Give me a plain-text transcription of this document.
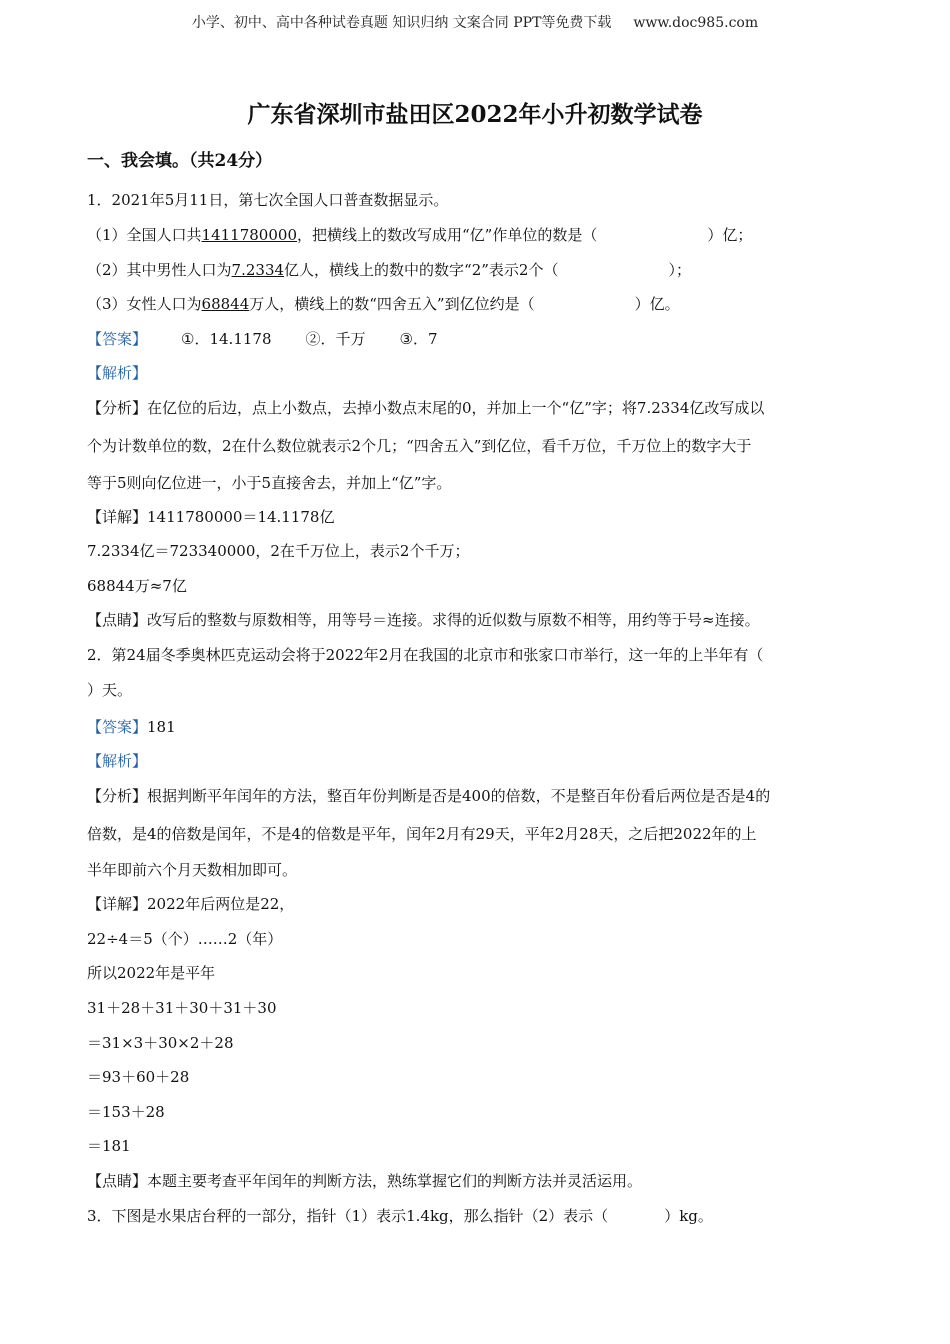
小学、初中、高中各种试卷真题 知识归纳 文案合同 PPT等免费下载 www.doc985.com
广东省深圳市盐田区2022年小升初数学试卷
一、我会填。（共24分）
1．2021年5月11日，第七次全国人口普查数据显示。
（1）全国人口共1411780000，把横线上的数改写成用“亿”作单位的数是（	）亿；
（2）其中男性人口为7.2334亿人，横线上的数中的数字“2”表示2个（	）；
（3）女性人口为68844万人，横线上的数“四舍五入”到亿位约是（	）亿。
【答案】 ①．14.1178 ②．千万 ③．7
【解析】
【分析】在亿位的后边，点上小数点，去掉小数点末尾的0，并加上一个“亿”字；将7.2334亿改写成以
个为计数单位的数，2在什么数位就表示2个几；“四舍五入”到亿位，看千万位，千万位上的数字大于
等于5则向亿位进一，小于5直接舍去，并加上“亿”字。
【详解】1411780000＝14.1178亿
7.2334亿＝723340000，2在千万位上，表示2个千万；
68844万≈7亿
【点睛】改写后的整数与原数相等，用等号＝连接。求得的近似数与原数不相等，用约等于号≈连接。
2．第24届冬季奥林匹克运动会将于2022年2月在我国的北京市和张家口市举行，这一年的上半年有（
）天。
【答案】181
【解析】
【分析】根据判断平年闰年的方法，整百年份判断是否是400的倍数，不是整百年份看后两位是否是4的
倍数，是4的倍数是闰年，不是4的倍数是平年，闰年2月有29天，平年2月28天，之后把2022年的上
半年即前六个月天数相加即可。
【详解】2022年后两位是22，
22÷4＝5（个）……2（年）
所以2022年是平年
31＋28＋31＋30＋31＋30
＝31×3＋30×2＋28
＝93＋60＋28
＝153＋28
＝181
【点睛】本题主要考查平年闰年的判断方法，熟练掌握它们的判断方法并灵活运用。
3．下图是水果店台秤的一部分，指针（1）表示1.4kg，那么指针（2）表示（	）kg。
